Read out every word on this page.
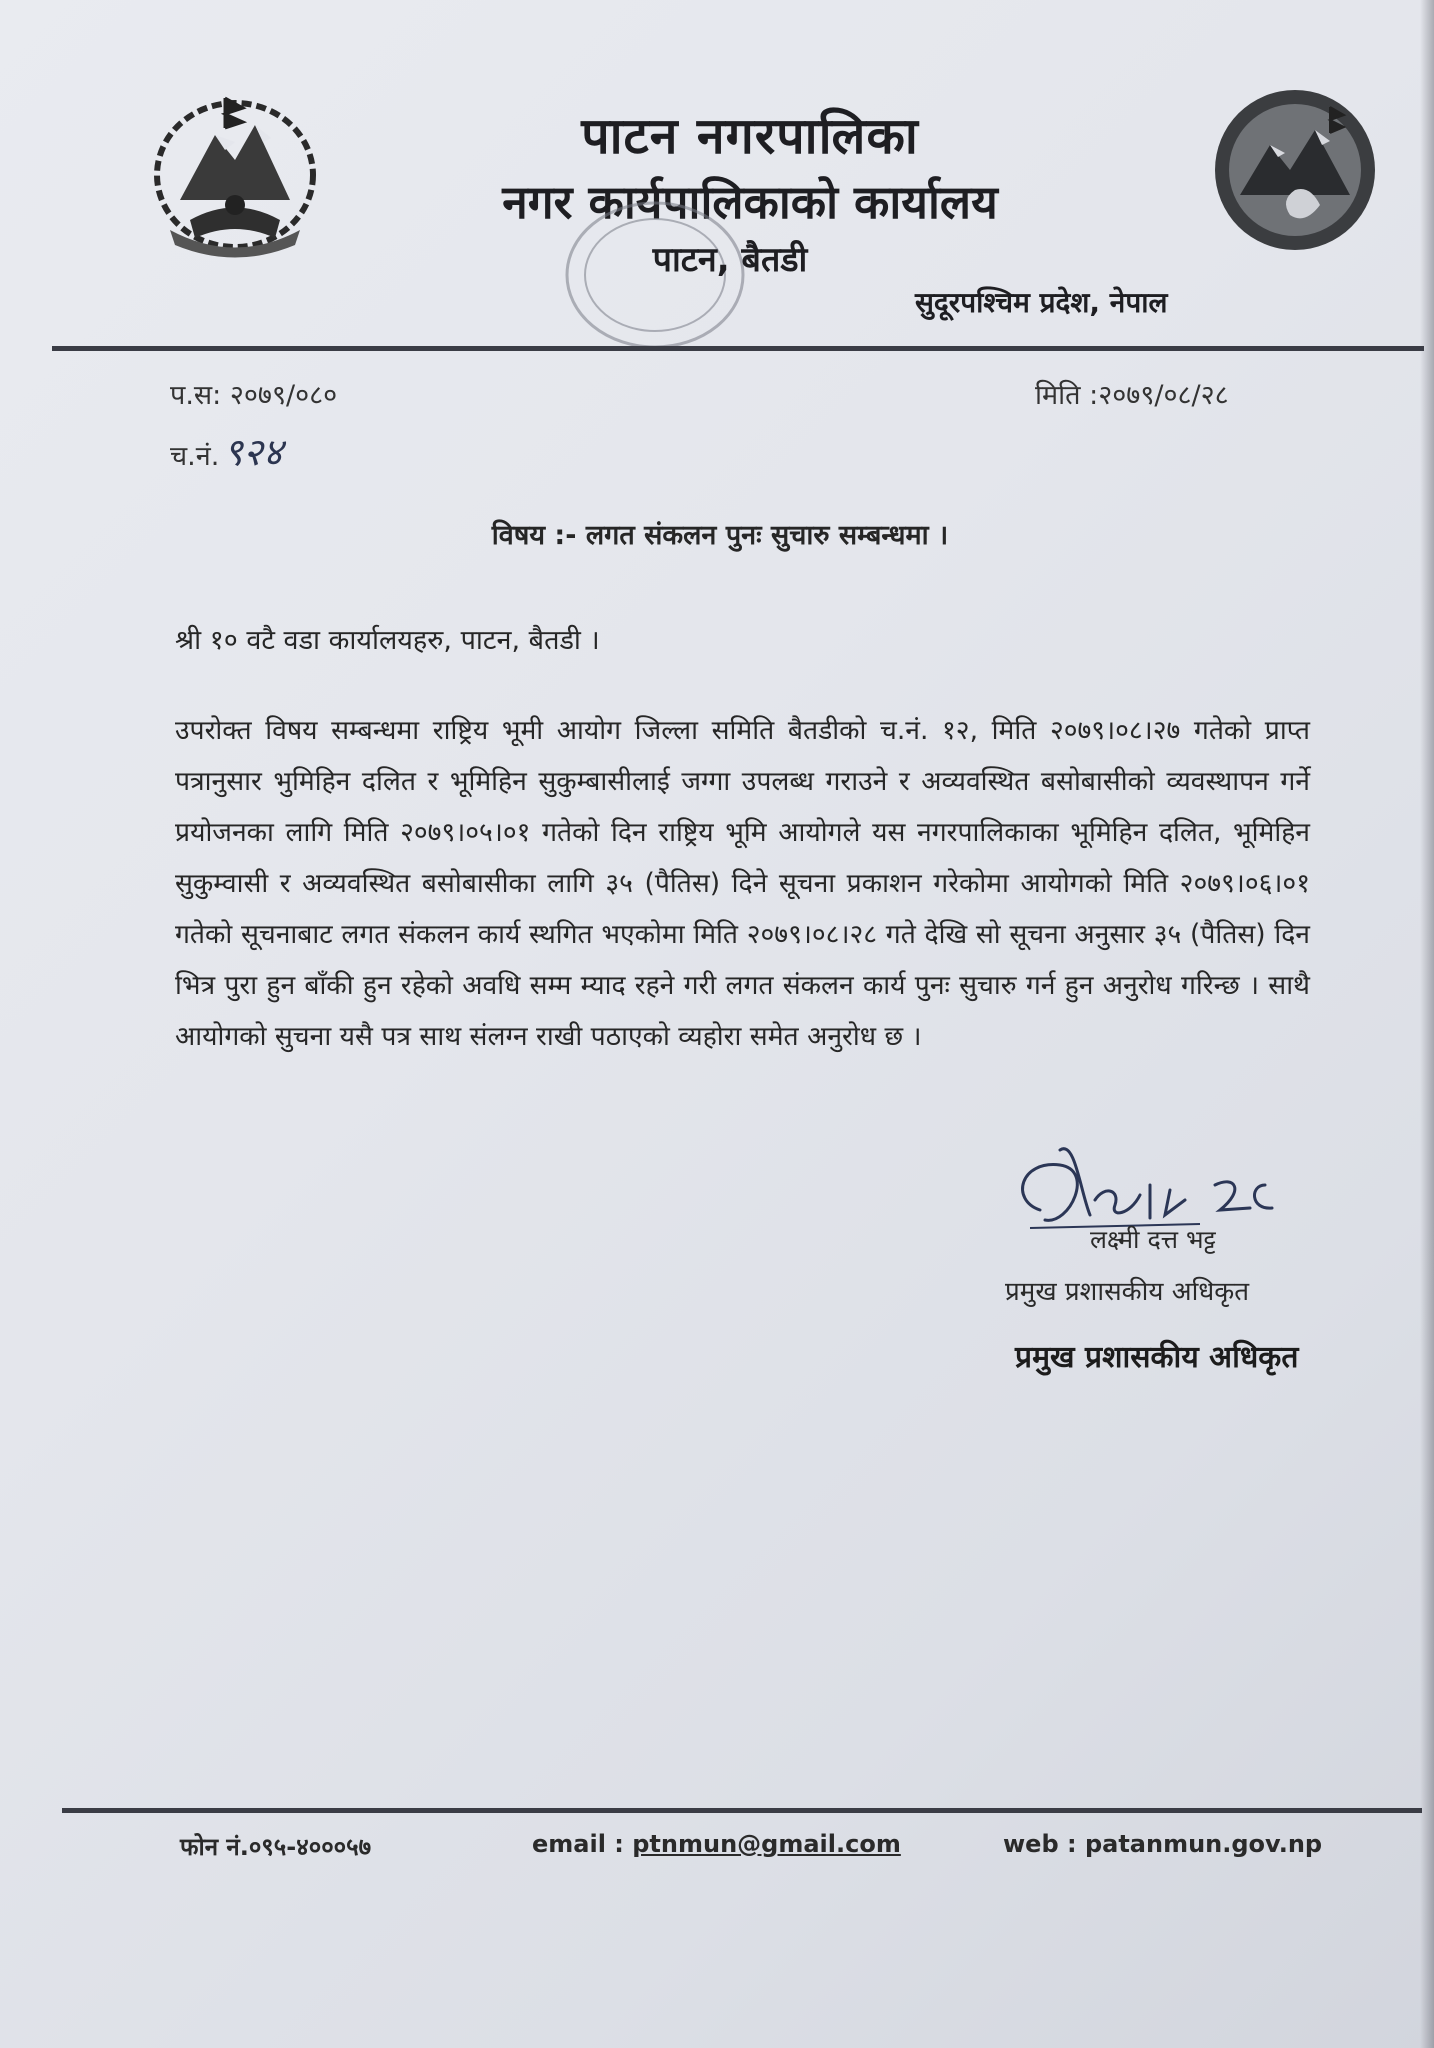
पाटन नगरपालिका
नगर कार्यपालिकाको कार्यालय
पाटन, बैतडी
सुदूरपश्चिम प्रदेश, नेपाल
प.स: २०७९/०८०
च.नं. ९२४
मिति :२०७९/०८/२८
विषय :- लगत संकलन पुनः सुचारु सम्बन्धमा ।
श्री १० वटै वडा कार्यालयहरु, पाटन, बैतडी ।
उपरोक्त विषय सम्बन्धमा राष्ट्रिय भूमी आयोग जिल्ला समिति बैतडीको च.नं. १२, मिति २०७९।०८।२७ गतेको प्राप्त पत्रानुसार भुमिहिन दलित र भूमिहिन सुकुम्बासीलाई जग्गा उपलब्ध गराउने र अव्यवस्थित बसोबासीको व्यवस्थापन गर्ने प्रयोजनका लागि मिति २०७९।०५।०१ गतेको दिन राष्ट्रिय भूमि आयोगले यस नगरपालिकाका भूमिहिन दलित, भूमिहिन सुकुम्वासी र अव्यवस्थित बसोबासीका लागि ३५ (पैतिस) दिने सूचना प्रकाशन गरेकोमा आयोगको मिति २०७९।०६।०१ गतेको सूचनाबाट लगत संकलन कार्य स्थगित भएकोमा मिति २०७९।०८।२८ गते देखि सो सूचना अनुसार ३५ (पैतिस) दिन भित्र पुरा हुन बाँकी हुन रहेको अवधि सम्म म्याद रहने गरी लगत संकलन कार्य पुनः सुचारु गर्न हुन अनुरोध गरिन्छ । साथै आयोगको सुचना यसै पत्र साथ संलग्न राखी पठाएको व्यहोरा समेत अनुरोध छ ।
लक्ष्मी दत्त भट्ट
प्रमुख प्रशासकीय अधिकृत
प्रमुख प्रशासकीय अधिकृत
फोन नं.०९५-४०००५७	email : ptnmun@gmail.com	web : patanmun.gov.np
